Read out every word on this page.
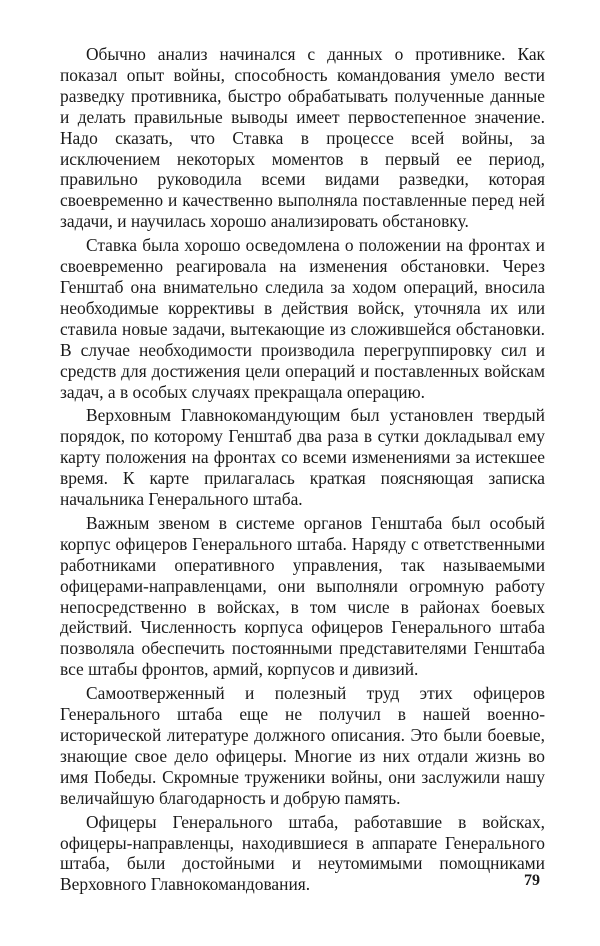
Обычно анализ начинался с данных о противнике. Как показал опыт войны, способность командования умело вести разведку противника, быстро обрабатывать полученные данные и делать правильные выводы имеет первостепенное значение. Надо сказать, что Ставка в процессе всей войны, за исключением некоторых моментов в первый ее период, правильно руководила всеми видами разведки, которая своевременно и качественно выполняла поставленные перед ней задачи, и научилась хорошо анализировать обстановку.

Ставка была хорошо осведомлена о положении на фронтах и своевременно реагировала на изменения обстановки. Через Генштаб она внимательно следила за ходом операций, вносила необходимые коррективы в действия войск, уточняла их или ставила новые задачи, вытекающие из сложившейся обстановки. В случае необходимости производила перегруппировку сил и средств для достижения цели операций и поставленных войскам задач, а в особых случаях прекращала операцию.

Верховным Главнокомандующим был установлен твердый порядок, по которому Генштаб два раза в сутки докладывал ему карту положения на фронтах со всеми изменениями за истекшее время. К карте прилагалась краткая поясняющая записка начальника Генерального штаба.

Важным звеном в системе органов Генштаба был особый корпус офицеров Генерального штаба. Наряду с ответственными работниками оперативного управления, так называемыми офицерами-направленцами, они выполняли огромную работу непосредственно в войсках, в том числе в районах боевых действий. Численность корпуса офицеров Генерального штаба позволяла обеспечить постоянными представителями Генштаба все штабы фронтов, армий, корпусов и дивизий.

Самоотверженный и полезный труд этих офицеров Генерального штаба еще не получил в нашей военно-исторической литературе должного описания. Это были боевые, знающие свое дело офицеры. Многие из них отдали жизнь во имя Победы. Скромные труженики войны, они заслужили нашу величайшую благодарность и добрую память.

Офицеры Генерального штаба, работавшие в войсках, офицеры-направленцы, находившиеся в аппарате Генерального штаба, были достойными и неутомимыми помощниками Верховного Главнокомандования.	79
